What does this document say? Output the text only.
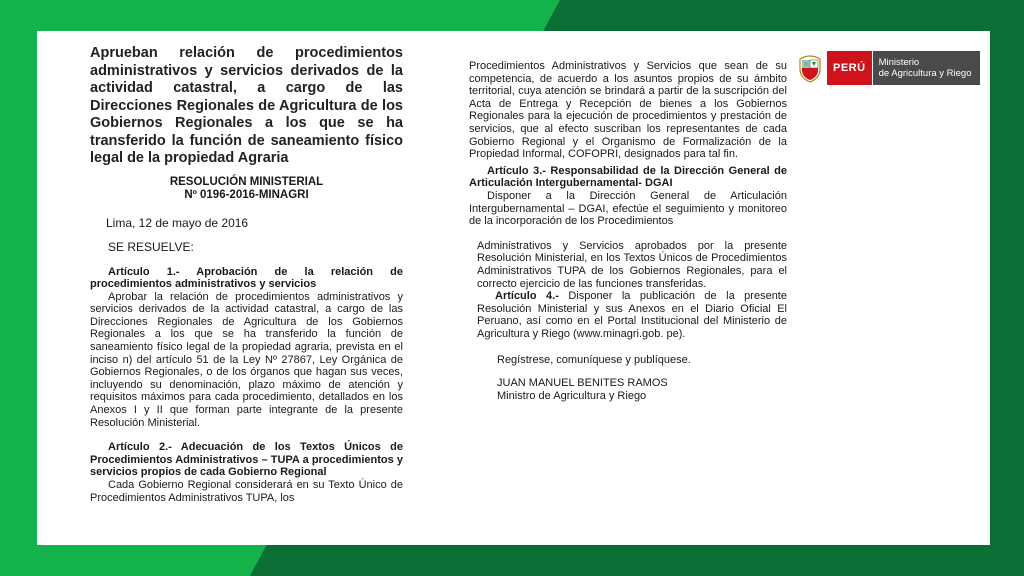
Aprueban relación de procedimientos administrativos y servicios derivados de la actividad catastral, a cargo de las Direcciones Regionales de Agricultura de los Gobiernos Regionales a los que se ha transferido la función de saneamiento físico legal de la propiedad Agraria

RESOLUCIÓN MINISTERIAL
Nº 0196-2016-MINAGRI
Lima, 12 de mayo de 2016
SE RESUELVE:

Artículo 1.- Aprobación de la relación de procedimientos administrativos y servicios

Aprobar la relación de procedimientos administrativos y servicios derivados de la actividad catastral, a cargo de las Direcciones Regionales de Agricultura de los Gobiernos Regionales a los que se ha transferido la función de saneamiento físico legal de la propiedad agraria, prevista en el inciso n) del artículo 51 de la Ley Nº 27867, Ley Orgánica de Gobiernos Regionales, o de los órganos que hagan sus veces, incluyendo su denominación, plazo máximo de atención y requisitos máximos para cada procedimiento, detallados en los Anexos I y II que forman parte integrante de la presente Resolución Ministerial.

Artículo 2.- Adecuación de los Textos Únicos de Procedimientos Administrativos – TUPA a procedimientos y servicios propios de cada Gobierno Regional

Cada Gobierno Regional considerará en su Texto Único de Procedimientos Administrativos TUPA, los

Procedimientos Administrativos y Servicios que sean de su competencia, de acuerdo a los asuntos propios de su ámbito territorial, cuya atención se brindará a partir de la suscripción del Acta de Entrega y Recepción de bienes a los Gobiernos Regionales para la ejecución de procedimientos y prestación de servicios, que al efecto suscriban los representantes de cada Gobierno Regional y el Organismo de Formalización de la Propiedad Informal, COFOPRI, designados para tal fin.

Artículo 3.- Responsabilidad de la Dirección General de Articulación Intergubernamental- DGAI

Disponer a la Dirección General de Articulación Intergubernamental – DGAI, efectúe el seguimiento y monitoreo de la incorporación de los Procedimientos

Administrativos y Servicios aprobados por la presente Resolución Ministerial, en los Textos Únicos de Procedimientos Administrativos TUPA de los Gobiernos Regionales, para el correcto ejercicio de las funciones transferidas.

Artículo 4.- Disponer la publicación de la presente Resolución Ministerial y sus Anexos en el Diario Oficial El Peruano, así como en el Portal Institucional del Ministerio de Agricultura y Riego (www.minagri.gob. pe).

Regístrese, comuníquese y publíquese.
JUAN MANUEL BENITES RAMOS
Ministro de Agricultura y Riego
PERÚ	Ministerio
de Agricultura y Riego
